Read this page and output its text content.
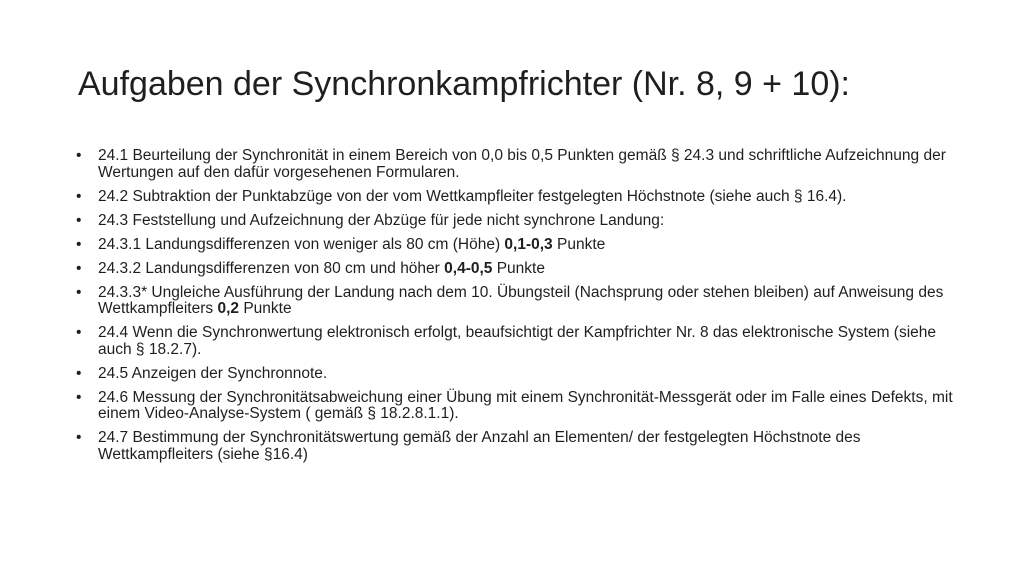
Aufgaben der Synchronkampfrichter (Nr. 8, 9 + 10):
• 24.1 Beurteilung der Synchronität in einem Bereich von 0,0 bis 0,5 Punkten gemäß § 24.3 und schriftliche Aufzeichnung der Wertungen auf den dafür vorgesehenen Formularen.
• 24.2 Subtraktion der Punktabzüge von der vom Wettkampfleiter festgelegten Höchstnote (siehe auch § 16.4).
• 24.3 Feststellung und Aufzeichnung der Abzüge für jede nicht synchrone Landung:
• 24.3.1 Landungsdifferenzen von weniger als 80 cm (Höhe) 0,1-0,3 Punkte
• 24.3.2 Landungsdifferenzen von 80 cm und höher 0,4-0,5 Punkte
• 24.3.3* Ungleiche Ausführung der Landung nach dem 10. Übungsteil (Nachsprung oder stehen bleiben) auf Anweisung des Wettkampfleiters 0,2 Punkte
• 24.4 Wenn die Synchronwertung elektronisch erfolgt, beaufsichtigt der Kampfrichter Nr. 8 das elektronische System (siehe auch § 18.2.7).
• 24.5 Anzeigen der Synchronnote.
• 24.6 Messung der Synchronitätsabweichung einer Übung mit einem Synchronität-Messgerät oder im Falle eines Defekts, mit einem Video-Analyse-System ( gemäß § 18.2.8.1.1).
• 24.7 Bestimmung der Synchronitätswertung gemäß der Anzahl an Elementen/ der festgelegten Höchstnote des Wettkampfleiters (siehe §16.4)
